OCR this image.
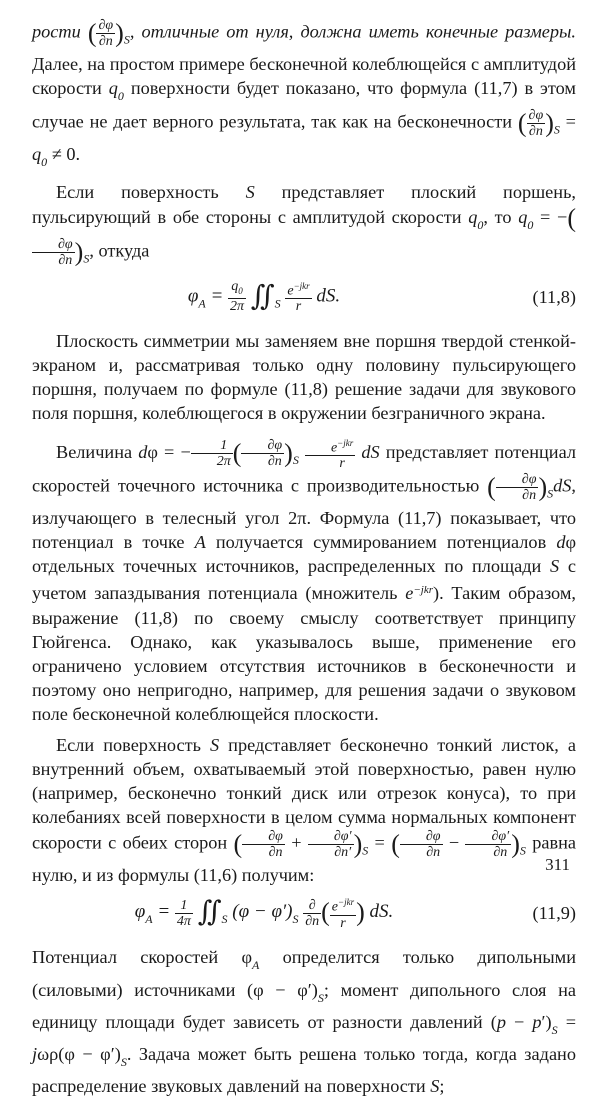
рости ( $\frac{\partial\varphi}{\partial n} )_S$, отличные от нуля, должна иметь конечные размеры. Далее, на простом примере бесконечной колеблющейся с амплитудой скорости $q_0$ поверхности будет показано, что формула (11,7) в этом случае не дает верного результата, так как на бесконечности ( $\frac{\partial\varphi}{\partial n} )_S = q_0 \ne 0$.

Если поверхность S представляет плоский поршень, пульсирующий в обе стороны с амплитудой скорости $q_0$, то $q_0$ = −(
$\frac{\partial\varphi}{\partial n} )_S$, откуда

$\varphi_A = \frac{q_0}{2\pi}$ $∬_S \frac{e^{-jkr}}{r}$ dS.	(11,8)

Плоскость симметрии мы заменяем вне поршня твердой стенкой-экраном и, рассматривая только одну половину пульсирующего поршня, получаем по формуле (11,8) решение задачи для звукового поля поршня, колеблющегося в окружении безграничного экрана.

Величина dφ = − $\frac{1}{2\pi}$ ( $\frac{\partial\varphi}{\partial n} )_S \frac{e^{-jkr}}{r}$ dS представляет потенциал скоростей точечного источника с производительностью ( $\frac{\partial\varphi}{\partial n} )_SdS$, излучающего в телесный угол 2π. Формула (11,7) показывает, что потенциал в точке A получается суммированием потенциалов dφ отдельных точечных источников, распределенных по площади S с учетом запаздывания потенциала (множитель $e^{-jkr}$). Таким образом, выражение (11,8) по своему смыслу соответствует принципу Гюйгенса. Однако, как указывалось выше, применение его ограничено условием отсутствия источников в бесконечности и поэтому оно непригодно, например, для решения задачи о звуковом поле бесконечной колеблющейся плоскости.

Если поверхность S представляет бесконечно тонкий листок, а внутренний объем, охватываемый этой поверхностью, равен нулю (например, бесконечно тонкий диск или отрезок конуса), то при колебаниях всей поверхности в целом сумма нормальных компонент скорости с обеих сторон ( $\frac{\partial\varphi}{\partial n} + \frac{\partial\varphi'}{\partial n'} )_S$ = ( $\frac{\partial\varphi}{\partial n} - \frac{\partial\varphi'}{\partial n} )_S$ равна нулю, и из формулы (11,6) получим:

$\varphi_A = \frac{1}{4\pi}$ $∬_S$ $(\varphi - \varphi')_S \frac{\partial}{\partial n}$ ( $\frac{e^{-jkr}}{r}$ ) dS.	(11,9)

Потенциал скоростей $\varphi_A$ определится только дипольными (силовыми) источниками $(\varphi - \varphi')_S$; момент дипольного слоя на единицу площади будет зависеть от разности давлений $(p - p')_S = j\omega\rho(\varphi - \varphi')_S$. Задача может быть решена только тогда, когда задано распределение звуковых давлений на поверхности S;

311
